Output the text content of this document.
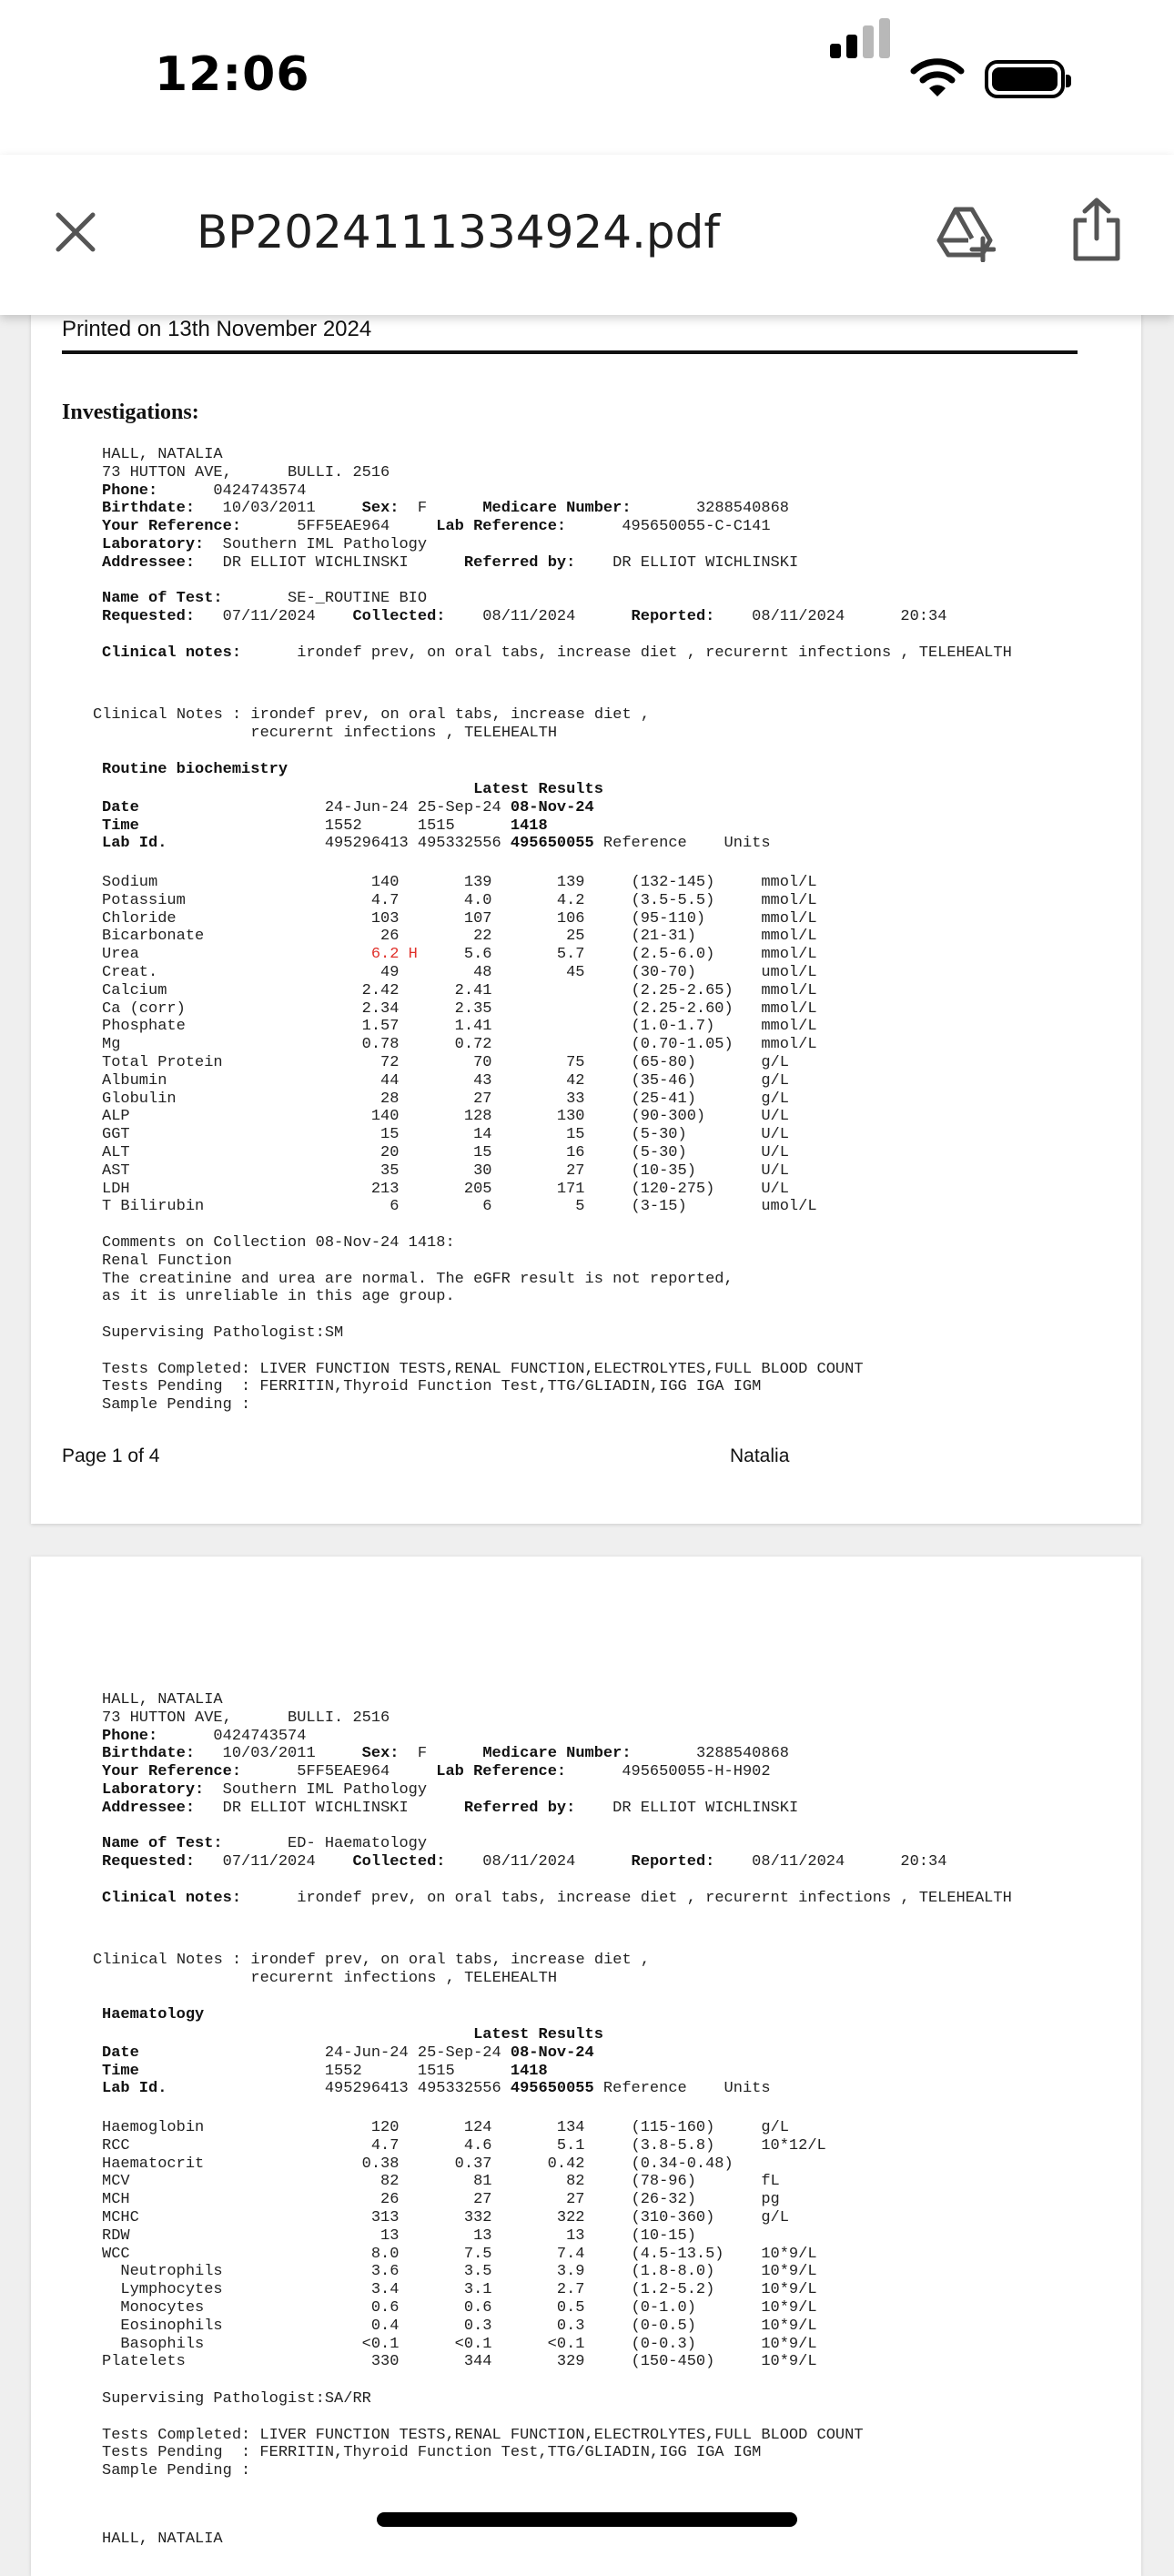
12:06
BP2024111334924.pdf
Printed on 13th November 2024
Investigations:
HALL, NATALIA
73 HUTTON AVE,      BULLI. 2516
Phone:      0424743574
Birthdate:   10/03/2011     Sex:  F      Medicare Number:       3288540868
Your Reference:      5FF5EAE964     Lab Reference:      495650055-C-C141
Laboratory:  Southern IML Pathology
Addressee:   DR ELLIOT WICHLINSKI      Referred by:    DR ELLIOT WICHLINSKI

Name of Test:       SE-_ROUTINE BIO
Requested:   07/11/2024    Collected:    08/11/2024      Reported:    08/11/2024      20:34

Clinical notes:      irondef prev, on oral tabs, increase diet , recurernt infections , TELEHEALTH
Clinical Notes : irondef prev, on oral tabs, increase diet ,
recurernt infections , TELEHEALTH
Routine biochemistry
Latest Results
Date                    24-Jun-24 25-Sep-24 08-Nov-24
Time                    1552      1515      1418
Lab Id.                 495296413 495332556 495650055 Reference    Units
Sodium                       140       139       139     (132-145)     mmol/L
Potassium                    4.7       4.0       4.2     (3.5-5.5)     mmol/L
Chloride                     103       107       106     (95-110)      mmol/L
Bicarbonate                   26        22        25     (21-31)       mmol/L
Urea                         6.2 H     5.6       5.7     (2.5-6.0)     mmol/L
Creat.                        49        48        45     (30-70)       umol/L
Calcium                     2.42      2.41               (2.25-2.65)   mmol/L
Ca (corr)                   2.34      2.35               (2.25-2.60)   mmol/L
Phosphate                   1.57      1.41               (1.0-1.7)     mmol/L
Mg                          0.78      0.72               (0.70-1.05)   mmol/L
Total Protein                 72        70        75     (65-80)       g/L
Albumin                       44        43        42     (35-46)       g/L
Globulin                      28        27        33     (25-41)       g/L
ALP                          140       128       130     (90-300)      U/L
GGT                           15        14        15     (5-30)        U/L
ALT                           20        15        16     (5-30)        U/L
AST                           35        30        27     (10-35)       U/L
LDH                          213       205       171     (120-275)     U/L
T Bilirubin                    6         6         5     (3-15)        umol/L
Comments on Collection 08-Nov-24 1418:
Renal Function
The creatinine and urea are normal. The eGFR result is not reported,
as it is unreliable in this age group.

Supervising Pathologist:SM

Tests Completed: LIVER FUNCTION TESTS,RENAL FUNCTION,ELECTROLYTES,FULL BLOOD COUNT
Tests Pending  : FERRITIN,Thyroid Function Test,TTG/GLIADIN,IGG IGA IGM
Sample Pending :
Page 1 of 4	Natalia
HALL, NATALIA
73 HUTTON AVE,      BULLI. 2516
Phone:      0424743574
Birthdate:   10/03/2011     Sex:  F      Medicare Number:       3288540868
Your Reference:      5FF5EAE964     Lab Reference:      495650055-H-H902
Laboratory:  Southern IML Pathology
Addressee:   DR ELLIOT WICHLINSKI      Referred by:    DR ELLIOT WICHLINSKI

Name of Test:       ED- Haematology
Requested:   07/11/2024    Collected:    08/11/2024      Reported:    08/11/2024      20:34

Clinical notes:      irondef prev, on oral tabs, increase diet , recurernt infections , TELEHEALTH
Clinical Notes : irondef prev, on oral tabs, increase diet ,
recurernt infections , TELEHEALTH
Haematology
Latest Results
Date                    24-Jun-24 25-Sep-24 08-Nov-24
Time                    1552      1515      1418
Lab Id.                 495296413 495332556 495650055 Reference    Units
Haemoglobin                  120       124       134     (115-160)     g/L
RCC                          4.7       4.6       5.1     (3.8-5.8)     10*12/L
Haematocrit                 0.38      0.37      0.42     (0.34-0.48)
MCV                           82        81        82     (78-96)       fL
MCH                           26        27        27     (26-32)       pg
MCHC                         313       332       322     (310-360)     g/L
RDW                           13        13        13     (10-15)
WCC                          8.0       7.5       7.4     (4.5-13.5)    10*9/L
Neutrophils                3.6       3.5       3.9     (1.8-8.0)     10*9/L
Lymphocytes                3.4       3.1       2.7     (1.2-5.2)     10*9/L
Monocytes                  0.6       0.6       0.5     (0-1.0)       10*9/L
Eosinophils                0.4       0.3       0.3     (0-0.5)       10*9/L
Basophils                 <0.1      <0.1      <0.1     (0-0.3)       10*9/L
Platelets                    330       344       329     (150-450)     10*9/L
Supervising Pathologist:SA/RR

Tests Completed: LIVER FUNCTION TESTS,RENAL FUNCTION,ELECTROLYTES,FULL BLOOD COUNT
Tests Pending  : FERRITIN,Thyroid Function Test,TTG/GLIADIN,IGG IGA IGM
Sample Pending :
HALL, NATALIA
